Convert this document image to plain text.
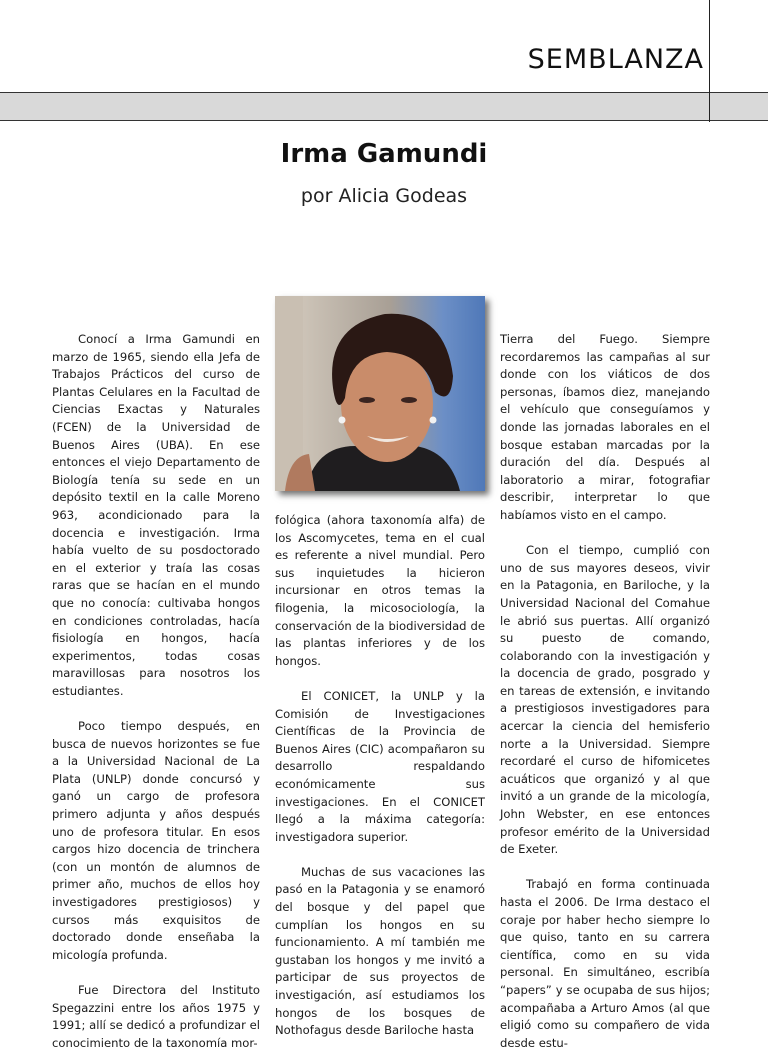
SEMBLANZA
Irma Gamundi
por Alicia Godeas

Conocí a Irma Gamundi en marzo de 1965, siendo ella Jefa de Trabajos Prácticos del curso de Plantas Celulares en la Facultad de Ciencias Exactas y Naturales (FCEN) de la Universidad de Buenos Aires (UBA). En ese entonces el viejo Departamento de Biología tenía su sede en un depósito textil en la calle Moreno 963, acondicionado para la docencia e investigación. Irma había vuelto de su posdoctorado en el exterior y traía las cosas raras que se hacían en el mundo que no conocía: cultivaba hongos en condiciones controladas, hacía fisiología en hongos, hacía experimentos, todas cosas maravillosas para nosotros los estudiantes.

Poco tiempo después, en busca de nuevos horizontes se fue a la Universidad Nacional de La Plata (UNLP) donde concursó y ganó un cargo de profesora primero adjunta y años después uno de profesora titular. En esos cargos hizo docencia de trinchera (con un montón de alumnos de primer año, muchos de ellos hoy investigadores prestigiosos) y cursos más exquisitos de doctorado donde enseñaba la micología profunda.

Fue Directora del Instituto Spegazzini entre los años 1975 y 1991; allí se dedicó a profundizar el conocimiento de la taxonomía mor-

fológica (ahora taxonomía alfa) de los Ascomycetes, tema en el cual es referente a nivel mundial. Pero sus inquietudes la hicieron incursionar en otros temas la filogenia, la micosociología, la conservación de la biodiversidad de las plantas inferiores y de los hongos.

El CONICET, la UNLP y la Comisión de Investigaciones Científicas de la Provincia de Buenos Aires (CIC) acompañaron su desarrollo respaldando económicamente sus investigaciones. En el CONICET llegó a la máxima categoría: investigadora superior.

Muchas de sus vacaciones las pasó en la Patagonia y se enamoró del bosque y del papel que cumplían los hongos en su funcionamiento. A mí también me gustaban los hongos y me invitó a participar de sus proyectos de investigación, así estudiamos los hongos de los bosques de Nothofagus desde Bariloche hasta

Tierra del Fuego. Siempre recordaremos las campañas al sur donde con los viáticos de dos personas, íbamos diez, manejando el vehículo que conseguíamos y donde las jornadas laborales en el bosque estaban marcadas por la duración del día. Después al laboratorio a mirar, fotografiar describir, interpretar lo que habíamos visto en el campo.

Con el tiempo, cumplió con uno de sus mayores deseos, vivir en la Patagonia, en Bariloche, y la Universidad Nacional del Comahue le abrió sus puertas. Allí organizó su puesto de comando, colaborando con la investigación y la docencia de grado, posgrado y en tareas de extensión, e invitando a prestigiosos investigadores para acercar la ciencia del hemisferio norte a la Universidad. Siempre recordaré el curso de hifomicetes acuáticos que organizó y al que invitó a un grande de la micología, John Webster, en ese entonces profesor emérito de la Universidad de Exeter.

Trabajó en forma continuada hasta el 2006. De Irma destaco el coraje por haber hecho siempre lo que quiso, tanto en su carrera científica, como en su vida personal. En simultáneo, escribía “papers” y se ocupaba de sus hijos; acompañaba a Arturo Amos (al que eligió como su compañero de vida desde estu-
